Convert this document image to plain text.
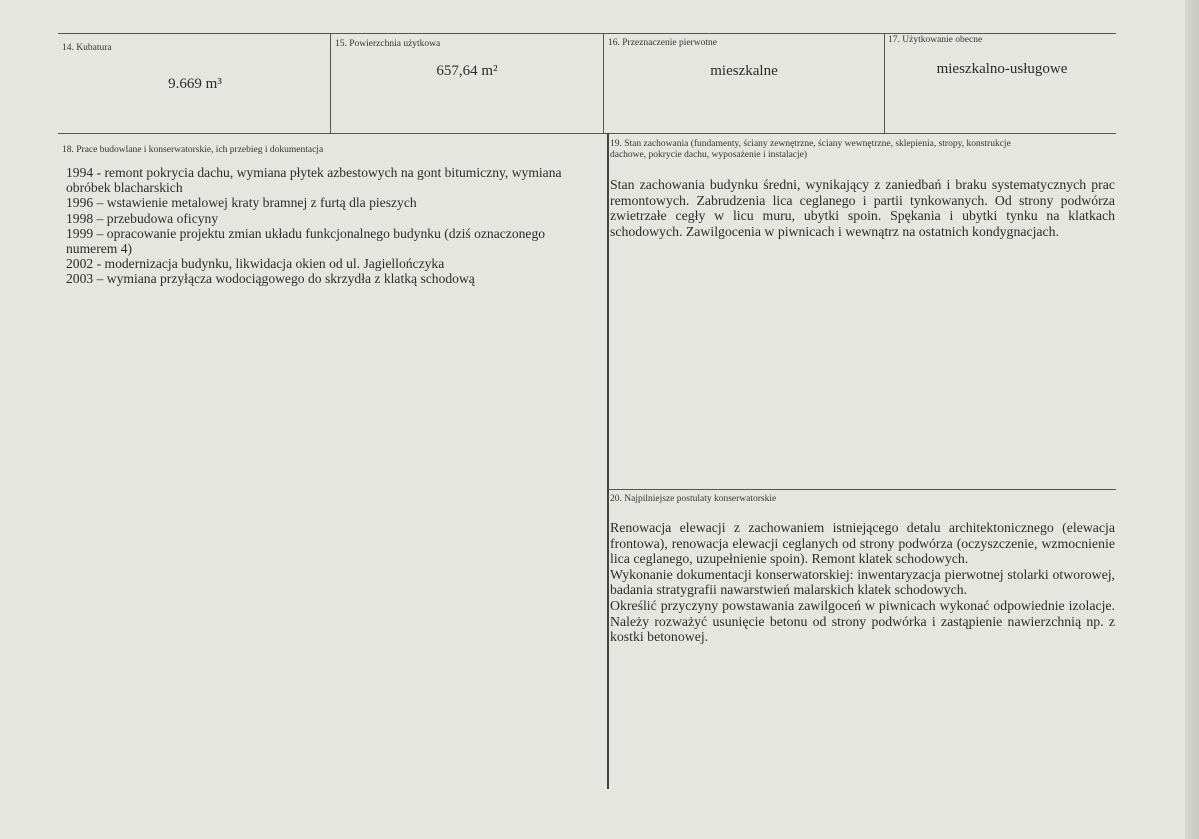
14. Kubatura
9.669 m³
15. Powierzchnia użytkowa
657,64 m²
16. Przeznaczenie pierwotne
mieszkalne
17. Użytkowanie obecne
mieszkalno-usługowe
18. Prace budowlane i konserwatorskie, ich przebieg i dokumentacja
1994 - remont pokrycia dachu, wymiana płytek azbestowych na gont bitumiczny, wymiana
obróbek blacharskich
1996 – wstawienie metalowej kraty bramnej z furtą dla pieszych
1998 – przebudowa oficyny
1999 – opracowanie projektu zmian układu funkcjonalnego budynku (dziś oznaczonego
numerem 4)
2002 - modernizacja budynku, likwidacja okien od ul. Jagiellończyka
2003 – wymiana przyłącza wodociągowego do skrzydła z klatką schodową
19. Stan zachowania (fundamenty, ściany zewnętrzne, ściany wewnętrzne, sklepienia, stropy, konstrukcje
dachowe, pokrycie dachu, wyposażenie i instalacje)
Stan zachowania budynku średni, wynikający z zaniedbań i braku systematycznych prac remontowych. Zabrudzenia lica ceglanego i partii tynkowanych. Od strony podwórza zwietrzałe cegły w licu muru, ubytki spoin. Spękania i ubytki tynku na klatkach schodowych. Zawilgocenia w piwnicach i wewnątrz na ostatnich kondygnacjach.
20. Najpilniejsze postulaty konserwatorskie
Renowacja elewacji z zachowaniem istniejącego detalu architektonicznego (elewacja frontowa), renowacja elewacji ceglanych od strony podwórza (oczyszczenie, wzmocnienie lica ceglanego, uzupełnienie spoin). Remont klatek schodowych.
Wykonanie dokumentacji konserwatorskiej: inwentaryzacja pierwotnej stolarki otworowej, badania stratygrafii nawarstwień malarskich klatek schodowych.
Określić przyczyny powstawania zawilgoceń w piwnicach wykonać odpowiednie izolacje. Należy rozważyć usunięcie betonu od strony podwórka i zastąpienie nawierzchnią np. z kostki betonowej.
